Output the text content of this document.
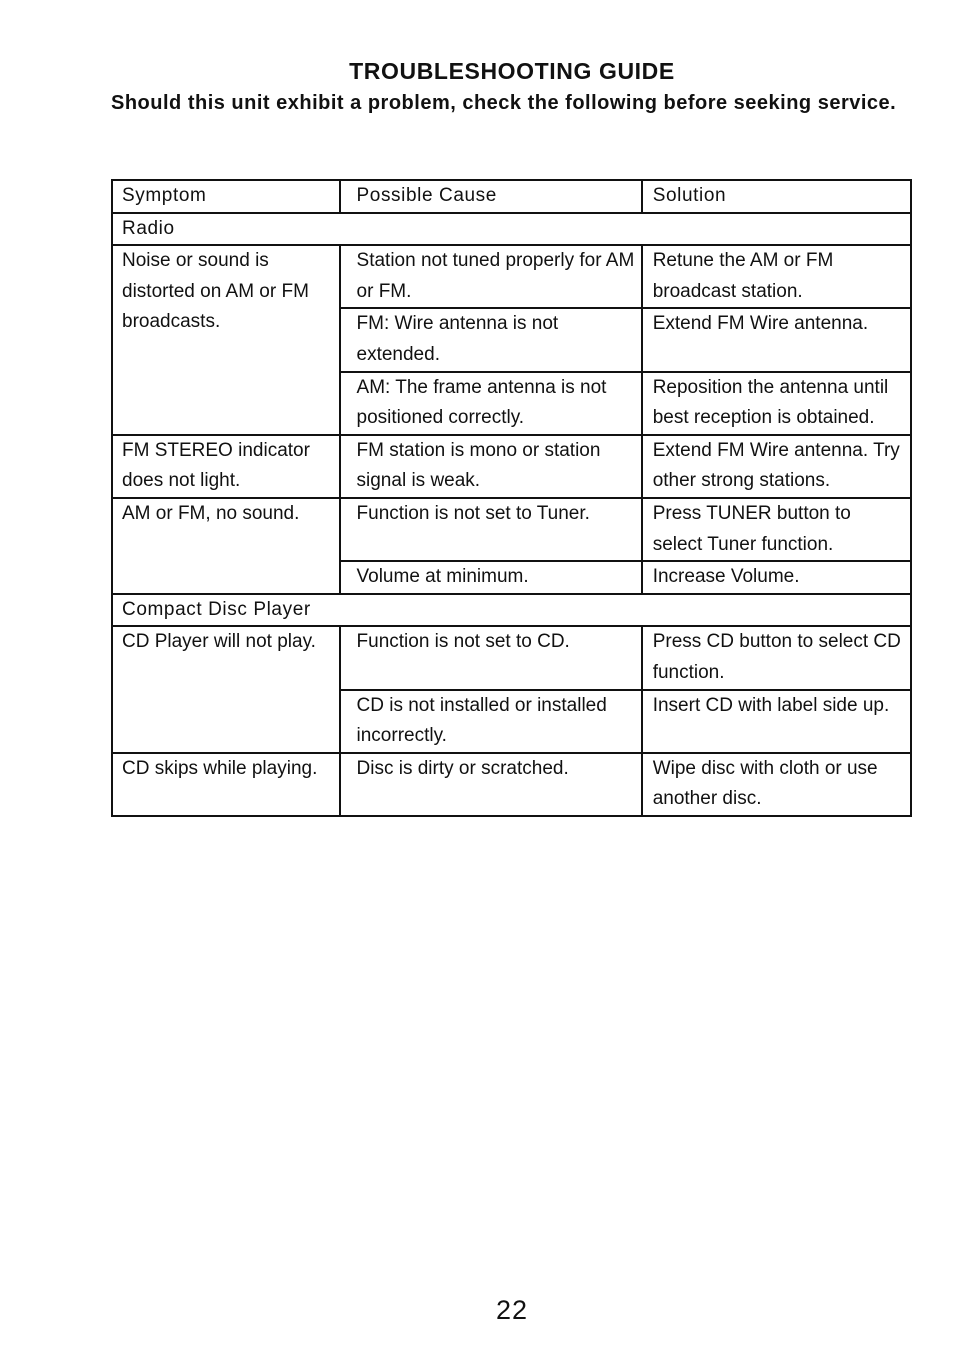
TROUBLESHOOTING GUIDE
Should this unit exhibit a problem, check the following before seeking service.
Symptom	Possible Cause	Solution
Radio		
Noise or sound is distorted on AM or FM broadcasts.	Station not tuned properly for AM or FM.	Retune the AM or FM broadcast station.
	FM: Wire antenna is not extended.	Extend FM Wire antenna.
	AM: The frame antenna is not positioned correctly.	Reposition the antenna until best reception is obtained.
FM STEREO indicator does not light.	FM station is mono or station signal is weak.	Extend FM Wire antenna. Try other strong stations.
AM or FM, no sound.	Function is not set to Tuner.	Press TUNER button to select Tuner function.
	Volume at minimum.	Increase Volume.
Compact Disc Player		
CD Player will not play.	Function is not set to CD.	Press CD button to select CD function.
	CD is not installed or installed incorrectly.	Insert CD with label side up.
CD skips while playing.	Disc is dirty or scratched.	Wipe disc with cloth or use another disc.
22
